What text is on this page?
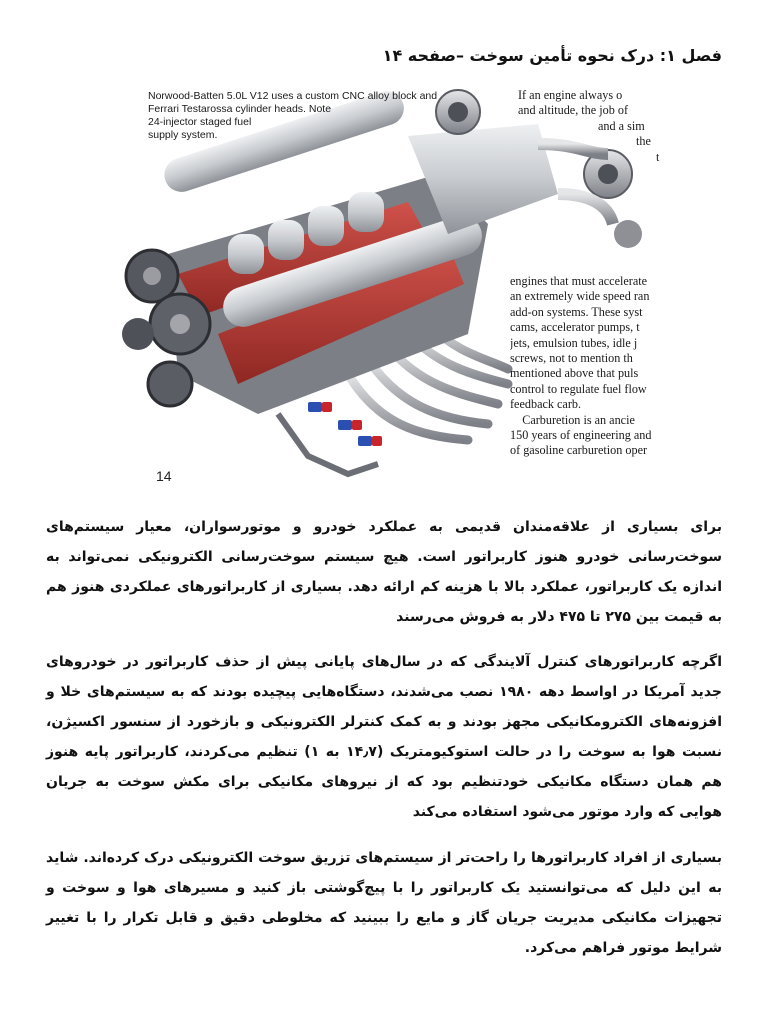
فصل ۱: درک نحوه تأمین سوخت –صفحه ۱۴
Norwood-Batten 5.0L V12 uses a custom CNC alloy block and
Ferrari Testarossa cylinder heads. Note
24-injector staged fuel
supply system.
If an engine always o
and altitude, the job of
and a sim
the
t
engines that must accelerate
an extremely wide speed ran
add-on systems. These syst
cams, accelerator pumps, t
jets, emulsion tubes, idle j
screws, not to mention th
mentioned above that puls
control to regulate fuel flow
feedback carb.
Carburetion is an ancie
150 years of engineering and
of gasoline carburetion oper
14

برای بسیاری از علاقه‌مندان قدیمی به عملکرد خودرو و موتورسواران، معیار سیستم‌های سوخت‌رسانی خودرو هنوز کاربراتور است. هیچ سیستم سوخت‌رسانی الکترونیکی نمی‌تواند به اندازه یک کاربراتور، عملکرد بالا با هزینه کم ارائه دهد. بسیاری از کاربراتورهای عملکردی هنوز هم به قیمت بین ۲۷۵ تا ۴۷۵ دلار به فروش می‌رسند

اگرچه کاربراتورهای کنترل آلایندگی که در سال‌های پایانی پیش از حذف کاربراتور در خودروهای جدید آمریکا در اواسط دهه ۱۹۸۰ نصب می‌شدند، دستگاه‌هایی پیچیده بودند که به سیستم‌های خلا و افزونه‌های الکترومکانیکی مجهز بودند و به کمک کنترلر الکترونیکی و بازخورد از سنسور اکسیژن، نسبت هوا به سوخت را در حالت استوکیومتریک (۱۴٫۷ به ۱) تنظیم می‌کردند، کاربراتور پایه هنوز هم همان دستگاه مکانیکی خودتنظیم بود که از نیروهای مکانیکی برای مکش سوخت به جریان هوایی که وارد موتور می‌شود استفاده می‌کند

بسیاری از افراد کاربراتورها را راحت‌تر از سیستم‌های تزریق سوخت الکترونیکی درک کرده‌اند. شاید به این دلیل که می‌توانستید یک کاربراتور را با پیچ‌گوشتی باز کنید و مسیرهای هوا و سوخت و تجهیزات مکانیکی مدیریت جریان گاز و مایع را ببینید که مخلوطی دقیق و قابل تکرار را با تغییر شرایط موتور فراهم می‌کرد.
